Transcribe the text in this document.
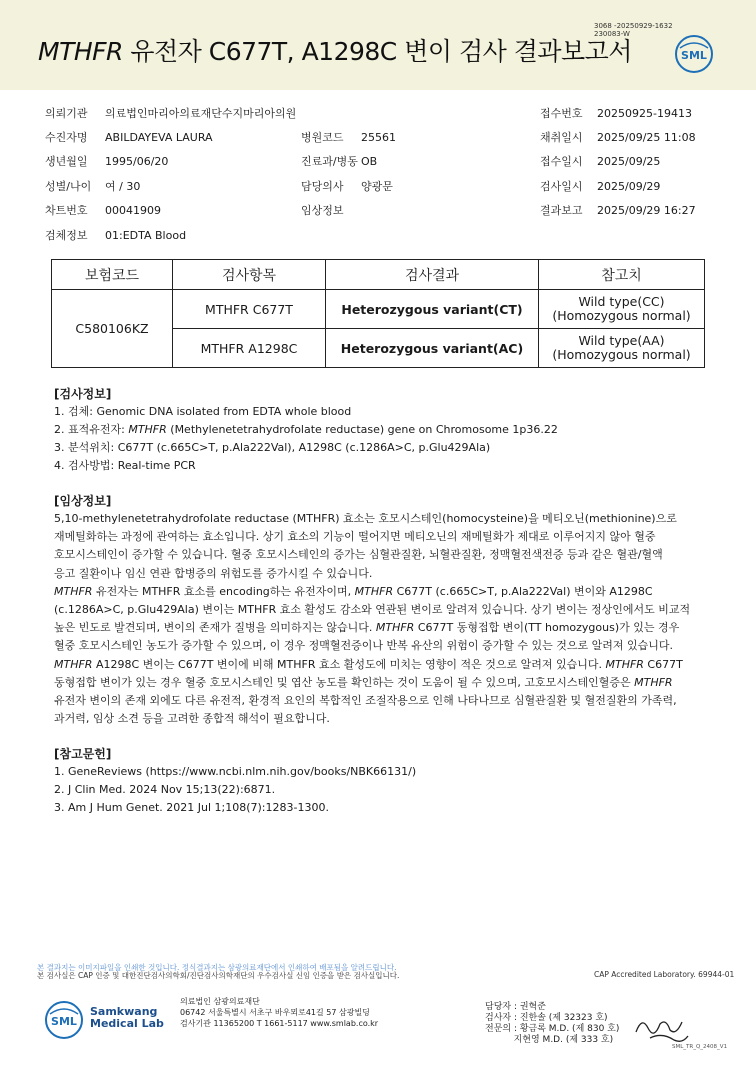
MTHFR 유전자 C677T, A1298C 변이 검사 결과보고서
3068 -20250929-1632
230083-W
SML
의뢰기관 의료법인마리아의료재단수지마리아의원	접수번호 20250925-19413
수진자명 ABILDAYEVA LAURA	병원코드 25561	채취일시 2025/09/25 11:08
생년월일 1995/06/20	진료과/병동 OB	접수일시 2025/09/25
성별/나이 여 / 30	담당의사 양광문	검사일시 2025/09/29
차트번호 00041909	임상정보	결과보고 2025/09/29 16:27
검체정보 01:EDTA Blood
보험코드	검사항목	검사결과	참고치
C580106KZ	MTHFR C677T	Heterozygous variant(CT)	Wild type(CC)
(Homozygous normal)

	MTHFR A1298C	Heterozygous variant(AC)	Wild type(AA)
(Homozygous normal)

[검사정보]

1. 검체: Genomic DNA isolated from EDTA whole blood

2. 표적유전자: MTHFR (Methylenetetrahydrofolate reductase) gene on Chromosome 1p36.22

3. 분석위치: C677T (c.665C>T, p.Ala222Val), A1298C (c.1286A>C, p.Glu429Ala)

4. 검사방법: Real-time PCR

[임상정보]

5,10-methylenetetrahydrofolate reductase (MTHFR) 효소는 호모시스테인(homocysteine)을 메티오닌(methionine)으로

재메틸화하는 과정에 관여하는 효소입니다. 상기 효소의 기능이 떨어지면 메티오닌의 재메틸화가 제대로 이루어지지 않아 혈중

호모시스테인이 증가할 수 있습니다. 혈중 호모시스테인의 증가는 심혈관질환, 뇌혈관질환, 정맥혈전색전증 등과 같은 혈관/혈액

응고 질환이나 임신 연관 합병증의 위험도를 증가시킬 수 있습니다.

MTHFR 유전자는 MTHFR 효소를 encoding하는 유전자이며, MTHFR C677T (c.665C>T, p.Ala222Val) 변이와 A1298C

(c.1286A>C, p.Glu429Ala) 변이는 MTHFR 효소 활성도 감소와 연관된 변이로 알려져 있습니다. 상기 변이는 정상인에서도 비교적

높은 빈도로 발견되며, 변이의 존재가 질병을 의미하지는 않습니다. MTHFR C677T 동형접합 변이(TT homozygous)가 있는 경우

혈중 호모시스테인 농도가 증가할 수 있으며, 이 경우 정맥혈전증이나 반복 유산의 위험이 증가할 수 있는 것으로 알려져 있습니다.

MTHFR A1298C 변이는 C677T 변이에 비해 MTHFR 효소 활성도에 미치는 영향이 적은 것으로 알려져 있습니다. MTHFR C677T

동형접합 변이가 있는 경우 혈중 호모시스테인 및 엽산 농도를 확인하는 것이 도움이 될 수 있으며, 고호모시스테인혈증은 MTHFR

유전자 변이의 존재 외에도 다른 유전적, 환경적 요인의 복합적인 조절작용으로 인해 나타나므로 심혈관질환 및 혈전질환의 가족력,

과거력, 임상 소견 등을 고려한 종합적 해석이 필요합니다.

[참고문헌]

1. GeneReviews (https://www.ncbi.nlm.nih.gov/books/NBK66131/)

2. J Clin Med. 2024 Nov 15;13(22):6871.

3. Am J Hum Genet. 2021 Jul 1;108(7):1283-1300.

본 결과지는 이미지파일을 인쇄한 것입니다. 정식결과지는 삼광의료재단에서 인쇄하여 배포됨을 알려드립니다.
본 검사실은 CAP 인증 및 대한진단검사의학회/진단검사의학재단의 우수검사실 신임 인증을 받은 검사실입니다.	CAP Accredited Laboratory. 69944-01
SML
Samkwang
Medical Lab
의료법인 삼광의료재단
06742 서울특별시 서초구 바우뫼로41길 57 삼광빌딩
검사기관 11365200 T 1661-5117 www.smlab.co.kr
담당자 : 권혁준
검사자 : 진한솔 (제 32323 호)
전문의 : 황금록 M.D. (제 830 호)
지현영 M.D. (제 333 호)
SML_TR_Q_2408_V1
